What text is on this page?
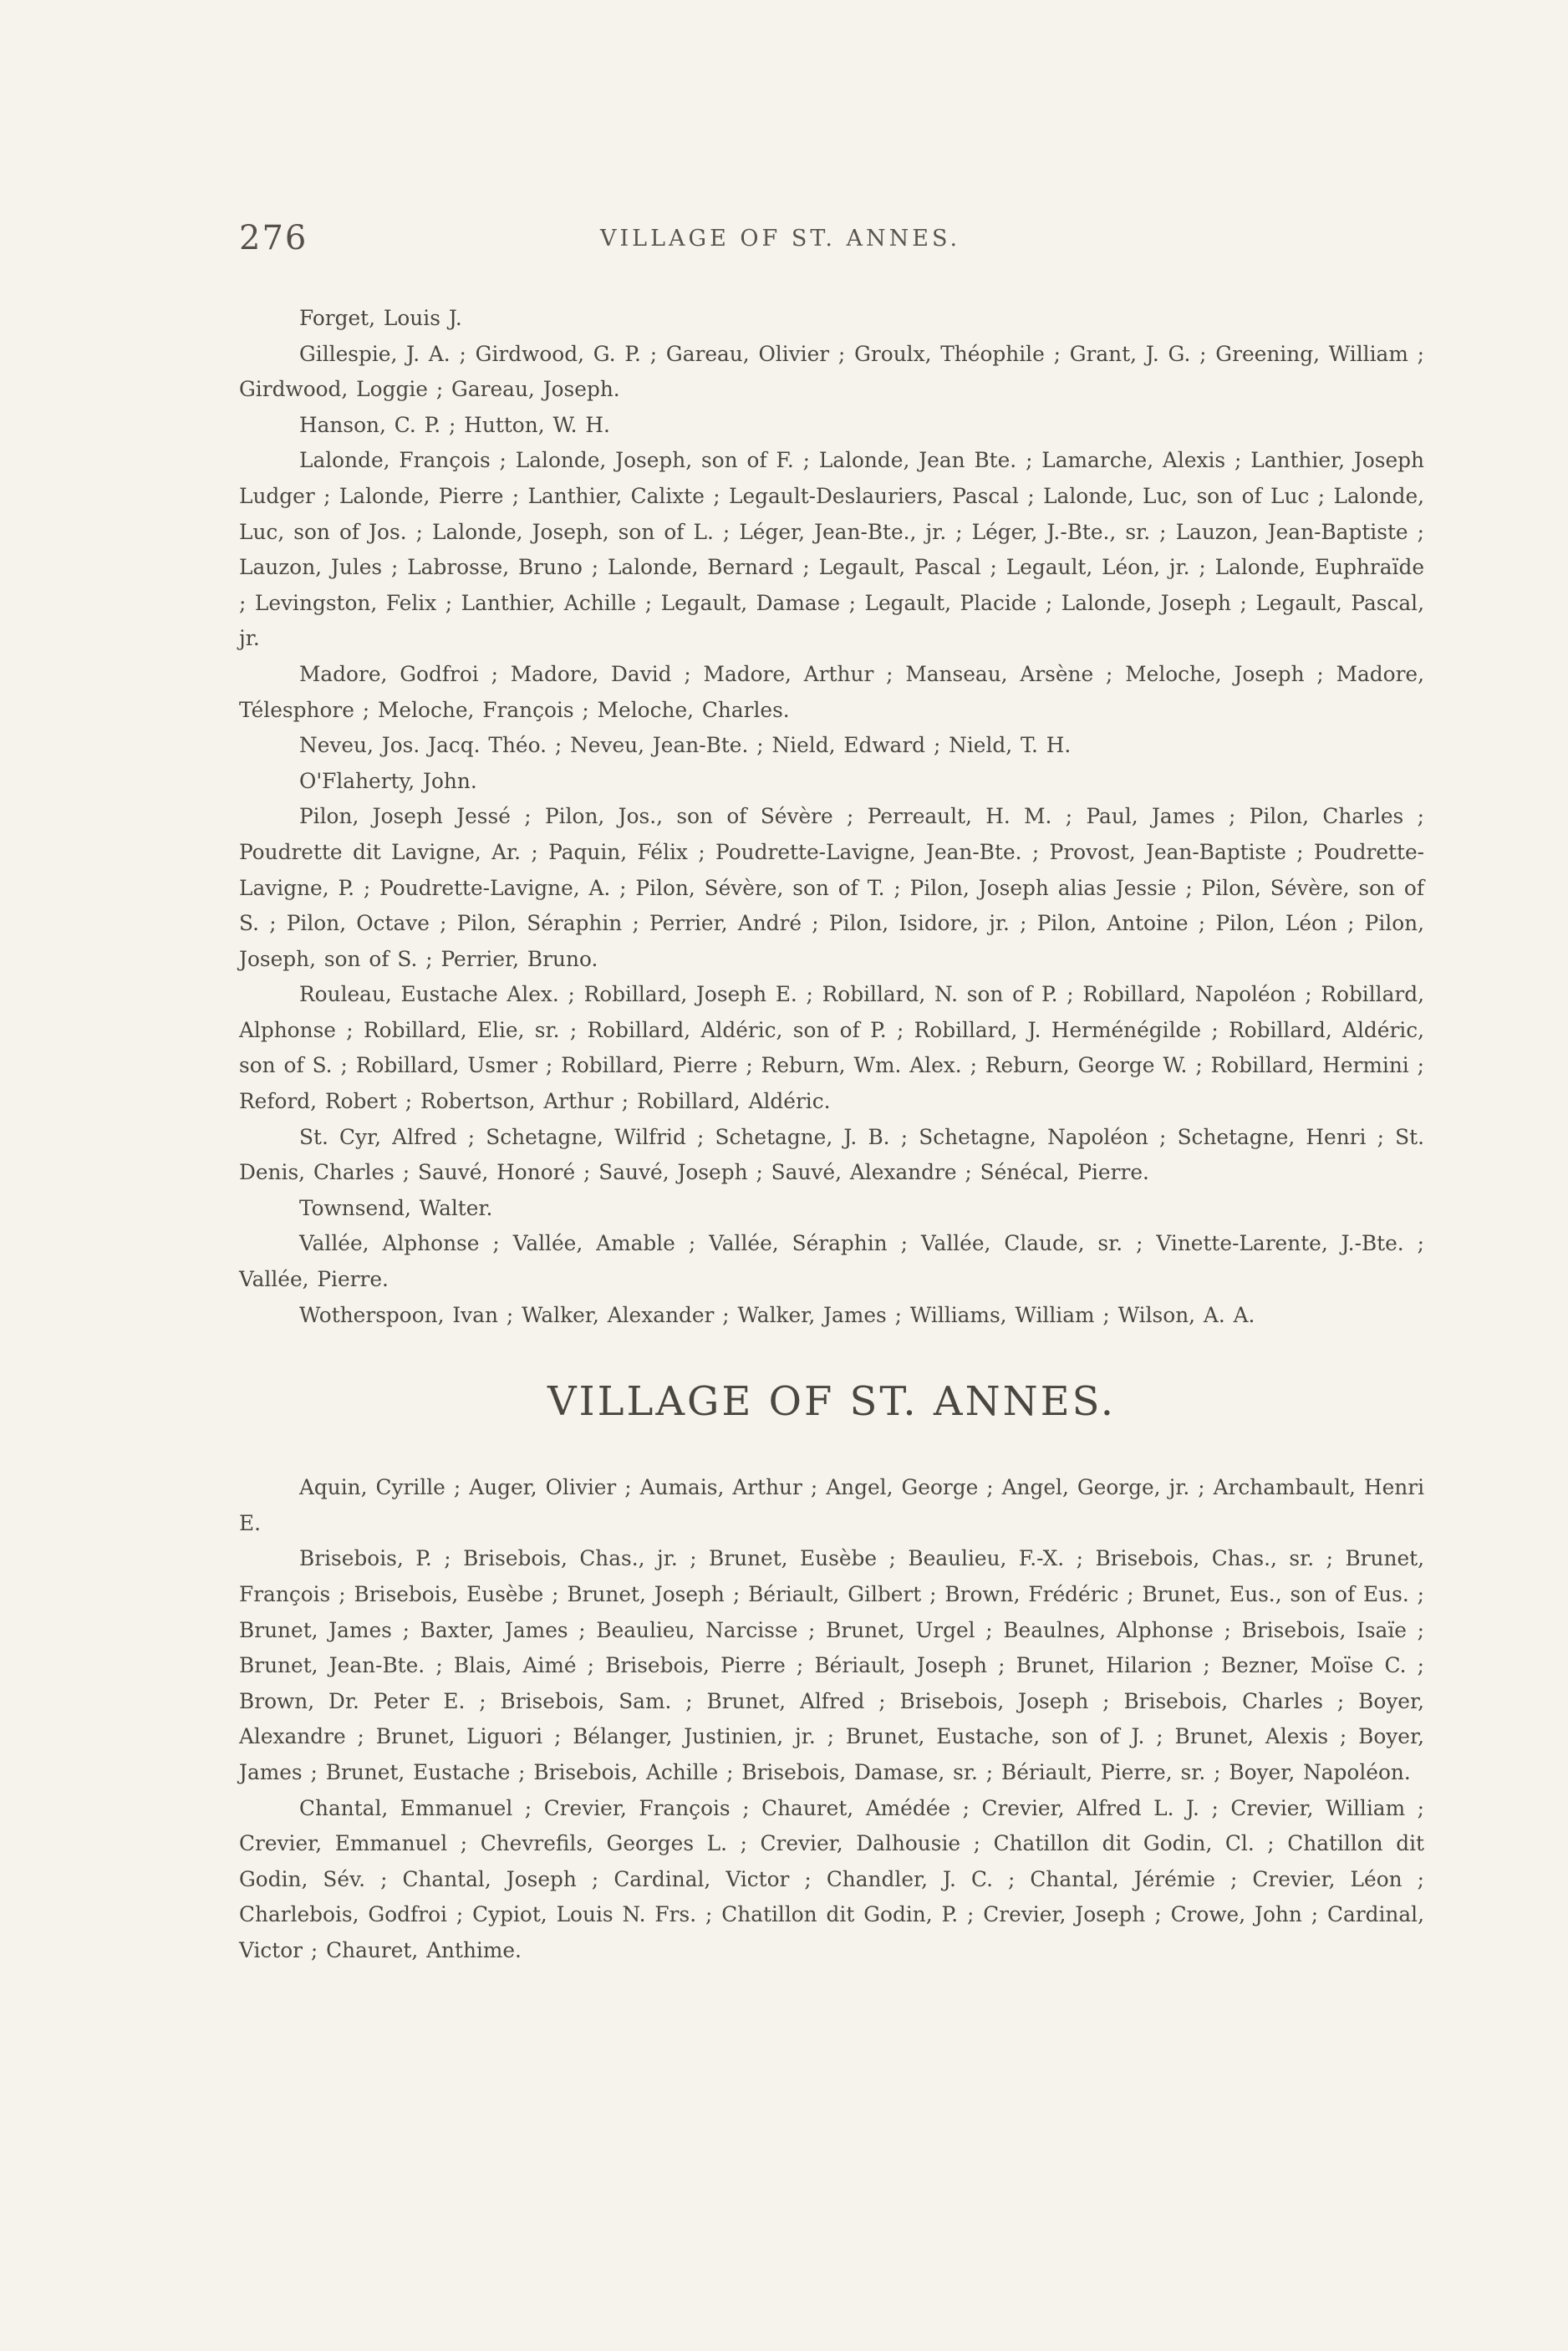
276	VILLAGE OF ST. ANNES.

Forget, Louis J.

Gillespie, J. A. ; Girdwood, G. P. ; Gareau, Olivier ; Groulx, Théophile ; Grant, J. G. ; Greening, William ; Girdwood, Loggie ; Gareau, Joseph.

Hanson, C. P. ; Hutton, W. H.

Lalonde, François ; Lalonde, Joseph, son of F. ; Lalonde, Jean Bte. ; Lamarche, Alexis ; Lanthier, Joseph Ludger ; Lalonde, Pierre ; Lanthier, Calixte ; Legault-Deslauriers, Pascal ; Lalonde, Luc, son of Luc ; Lalonde, Luc, son of Jos. ; Lalonde, Joseph, son of L. ; Léger, Jean-Bte., jr. ; Léger, J.-Bte., sr. ; Lauzon, Jean-Baptiste ; Lauzon, Jules ; Labrosse, Bruno ; Lalonde, Bernard ; Legault, Pascal ; Legault, Léon, jr. ; Lalonde, Euphraïde ; Levingston, Felix ; Lanthier, Achille ; Legault, Damase ; Legault, Placide ; Lalonde, Joseph ; Legault, Pascal, jr.

Madore, Godfroi ; Madore, David ; Madore, Arthur ; Manseau, Arsène ; Meloche, Joseph ; Madore, Télesphore ; Meloche, François ; Meloche, Charles.

Neveu, Jos. Jacq. Théo. ; Neveu, Jean-Bte. ; Nield, Edward ; Nield, T. H.

O'Flaherty, John.

Pilon, Joseph Jessé ; Pilon, Jos., son of Sévère ; Perreault, H. M. ; Paul, James ; Pilon, Charles ; Poudrette dit Lavigne, Ar. ; Paquin, Félix ; Poudrette-Lavigne, Jean-Bte. ; Provost, Jean-Baptiste ; Poudrette-Lavigne, P. ; Poudrette-Lavigne, A. ; Pilon, Sévère, son of T. ; Pilon, Joseph alias Jessie ; Pilon, Sévère, son of S. ; Pilon, Octave ; Pilon, Séraphin ; Perrier, André ; Pilon, Isidore, jr. ; Pilon, Antoine ; Pilon, Léon ; Pilon, Joseph, son of S. ; Perrier, Bruno.

Rouleau, Eustache Alex. ; Robillard, Joseph E. ; Robillard, N. son of P. ; Robillard, Napoléon ; Robillard, Alphonse ; Robillard, Elie, sr. ; Robillard, Aldéric, son of P. ; Robillard, J. Herménégilde ; Robillard, Aldéric, son of S. ; Robillard, Usmer ; Robillard, Pierre ; Reburn, Wm. Alex. ; Reburn, George W. ; Robillard, Hermini ; Reford, Robert ; Robertson, Arthur ; Robillard, Aldéric.

St. Cyr, Alfred ; Schetagne, Wilfrid ; Schetagne, J. B. ; Schetagne, Napoléon ; Schetagne, Henri ; St. Denis, Charles ; Sauvé, Honoré ; Sauvé, Joseph ; Sauvé, Alexandre ; Sénécal, Pierre.

Townsend, Walter.

Vallée, Alphonse ; Vallée, Amable ; Vallée, Séraphin ; Vallée, Claude, sr. ; Vinette-Larente, J.-Bte. ; Vallée, Pierre.

Wotherspoon, Ivan ; Walker, Alexander ; Walker, James ; Williams, William ; Wilson, A. A.

VILLAGE OF ST. ANNES.

Aquin, Cyrille ; Auger, Olivier ; Aumais, Arthur ; Angel, George ; Angel, George, jr. ; Archambault, Henri E.

Brisebois, P. ; Brisebois, Chas., jr. ; Brunet, Eusèbe ; Beaulieu, F.-X. ; Brisebois, Chas., sr. ; Brunet, François ; Brisebois, Eusèbe ; Brunet, Joseph ; Bériault, Gilbert ; Brown, Frédéric ; Brunet, Eus., son of Eus. ; Brunet, James ; Baxter, James ; Beaulieu, Narcisse ; Brunet, Urgel ; Beaulnes, Alphonse ; Brisebois, Isaïe ; Brunet, Jean-Bte. ; Blais, Aimé ; Brisebois, Pierre ; Bériault, Joseph ; Brunet, Hilarion ; Bezner, Moïse C. ; Brown, Dr. Peter E. ; Brisebois, Sam. ; Brunet, Alfred ; Brisebois, Joseph ; Brisebois, Charles ; Boyer, Alexandre ; Brunet, Liguori ; Bélanger, Justinien, jr. ; Brunet, Eustache, son of J. ; Brunet, Alexis ; Boyer, James ; Brunet, Eustache ; Brisebois, Achille ; Brisebois, Damase, sr. ; Bériault, Pierre, sr. ; Boyer, Napoléon.

Chantal, Emmanuel ; Crevier, François ; Chauret, Amédée ; Crevier, Alfred L. J. ; Crevier, William ; Crevier, Emmanuel ; Chevrefils, Georges L. ; Crevier, Dalhousie ; Chatillon dit Godin, Cl. ; Chatillon dit Godin, Sév. ; Chantal, Joseph ; Cardinal, Victor ; Chandler, J. C. ; Chantal, Jérémie ; Crevier, Léon ; Charlebois, Godfroi ; Cypiot, Louis N. Frs. ; Chatillon dit Godin, P. ; Crevier, Joseph ; Crowe, John ; Cardinal, Victor ; Chauret, Anthime.
